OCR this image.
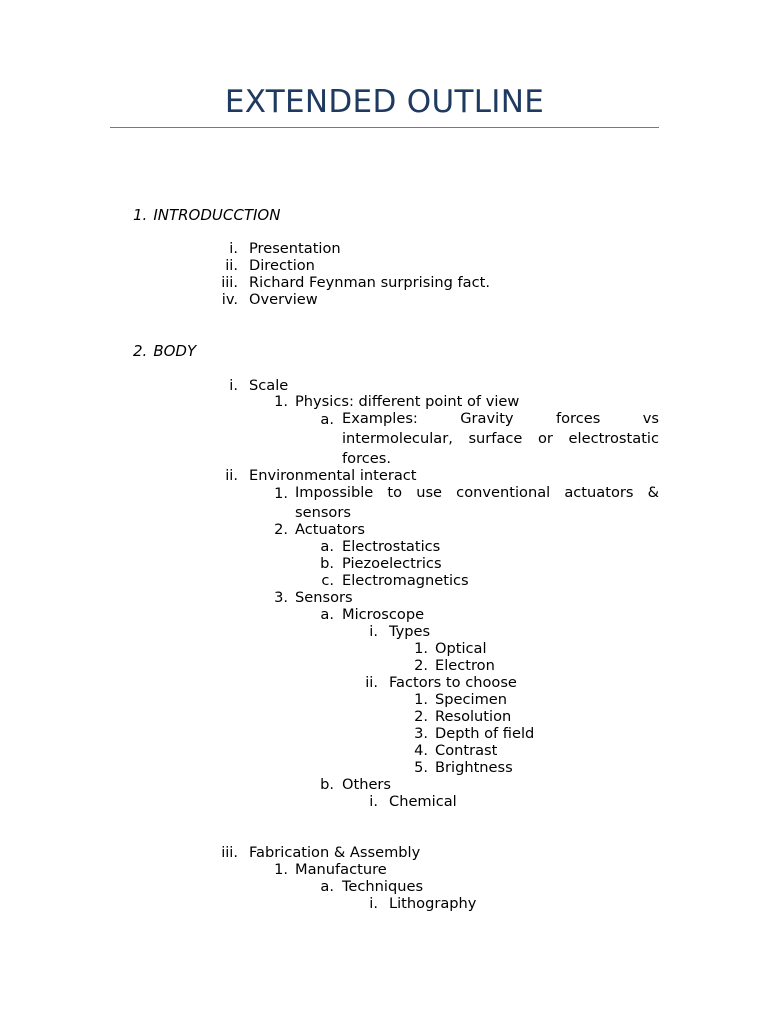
EXTENDED OUTLINE
1. INTRODUCCTION
i. Presentation
ii. Direction
iii. Richard Feynman surprising fact.
iv. Overview
2. BODY
i. Scale
1. Physics: different point of view
a. Examples: Gravity forces vs intermolecular, surface or electrostatic forces.
ii. Environmental interact
1. Impossible to use conventional actuators & sensors
2. Actuators
a. Electrostatics
b. Piezoelectrics
c. Electromagnetics
3. Sensors
a. Microscope
i. Types
1. Optical
2. Electron
ii. Factors to choose
1. Specimen
2. Resolution
3. Depth of field
4. Contrast
5. Brightness
b. Others
i. Chemical
iii. Fabrication & Assembly
1. Manufacture
a. Techniques
i. Lithography
